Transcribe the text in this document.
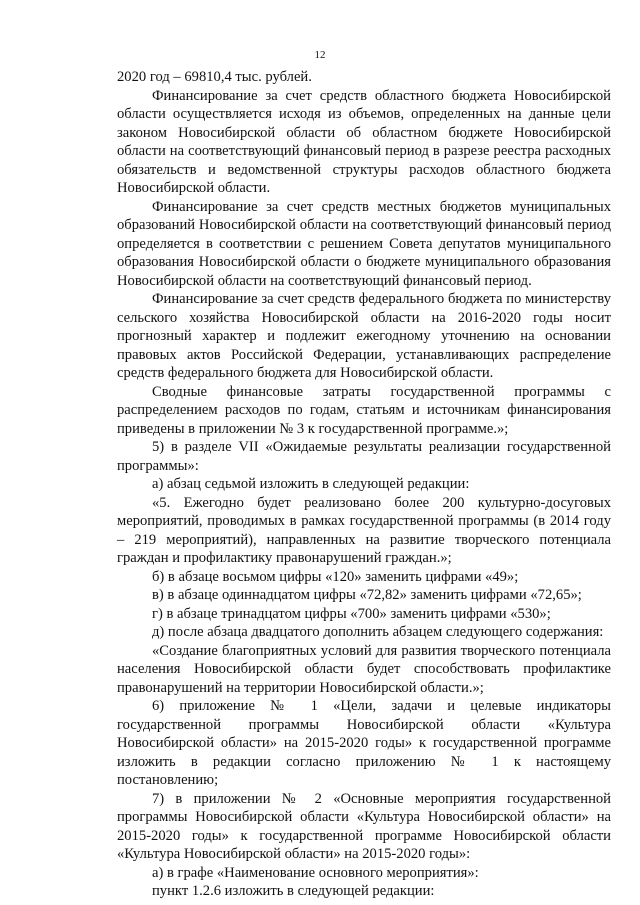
12

2020 год – 69810,4 тыс. рублей.

Финансирование за счет средств областного бюджета Новосибирской области осуществляется исходя из объемов, определенных на данные цели законом Новосибирской области об областном бюджете Новосибирской области на соответствующий финансовый период в разрезе реестра расходных обязательств и ведомственной структуры расходов областного бюджета Новосибирской области.

Финансирование за счет средств местных бюджетов муниципальных образований Новосибирской области на соответствующий финансовый период определяется в соответствии с решением Совета депутатов муниципального образования Новосибирской области о бюджете муниципального образования Новосибирской области на соответствующий финансовый период.

Финансирование за счет средств федерального бюджета по министерству сельского хозяйства Новосибирской области на 2016-2020 годы носит прогнозный характер и подлежит ежегодному уточнению на основании правовых актов Российской Федерации, устанавливающих распределение средств федерального бюджета для Новосибирской области.

Сводные финансовые затраты государственной программы с распределением расходов по годам, статьям и источникам финансирования приведены в приложении № 3 к государственной программе.»;

5) в разделе VII «Ожидаемые результаты реализации государственной программы»:

а) абзац седьмой изложить в следующей редакции:

«5. Ежегодно будет реализовано более 200 культурно-досуговых мероприятий, проводимых в рамках государственной программы (в 2014 году – 219 мероприятий), направленных на развитие творческого потенциала граждан и профилактику правонарушений граждан.»;

б) в абзаце восьмом цифры «120» заменить цифрами «49»;

в) в абзаце одиннадцатом цифры «72,82» заменить цифрами «72,65»;

г) в абзаце тринадцатом цифры «700» заменить цифрами «530»;

д) после абзаца двадцатого дополнить абзацем следующего содержания:

«Создание благоприятных условий для развития творческого потенциала населения Новосибирской области будет способствовать профилактике правонарушений на территории Новосибирской области.»;

6) приложение № 1 «Цели, задачи и целевые индикаторы государственной программы Новосибирской области «Культура Новосибирской области» на 2015-2020 годы» к государственной программе изложить в редакции согласно приложению № 1 к настоящему постановлению;

7) в приложении № 2 «Основные мероприятия государственной программы Новосибирской области «Культура Новосибирской области» на 2015-2020 годы» к государственной программе Новосибирской области «Культура Новосибирской области» на 2015-2020 годы»:

а) в графе «Наименование основного мероприятия»:

пункт 1.2.6 изложить в следующей редакции:
